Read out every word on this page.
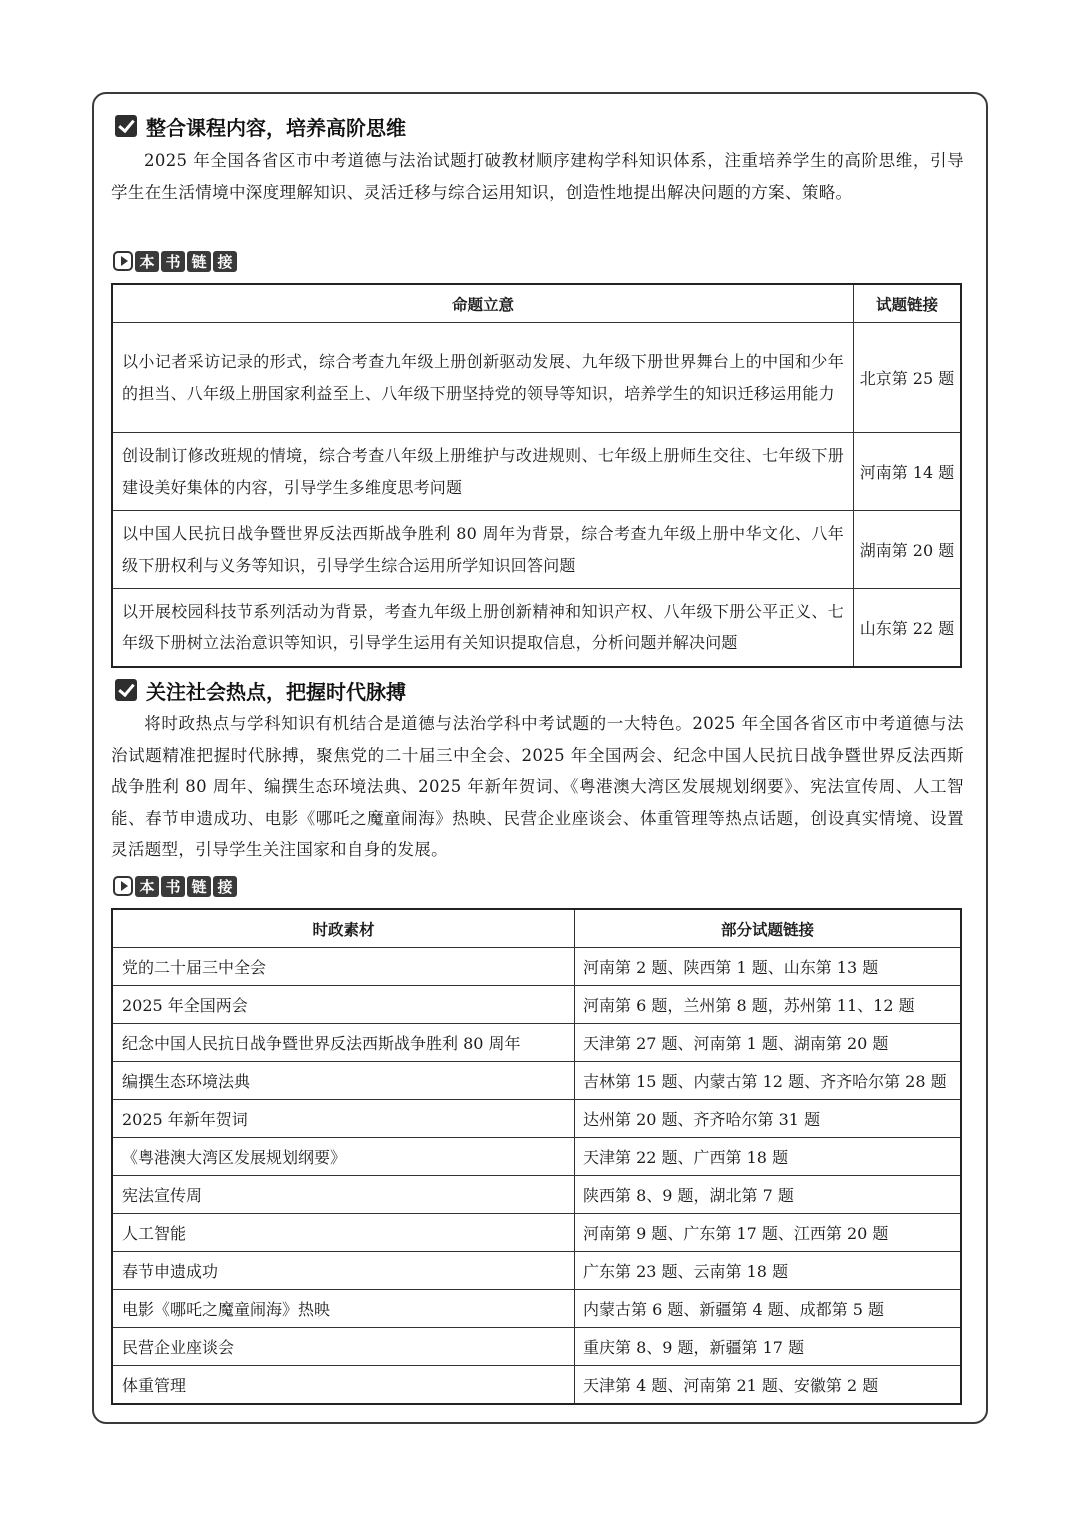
整合课程内容，培养高阶思维

2025 年全国各省区市中考道德与法治试题打破教材顺序建构学科知识体系，注重培养学生的高阶思维，引导学生在生活情境中深度理解知识、灵活迁移与综合运用知识，创造性地提出解决问题的方案、策略。

本 书 链 接
命题立意	试题链接
以小记者采访记录的形式，综合考查九年级上册创新驱动发展、九年级下册世界舞台上的中国和少年的担当、八年级上册国家利益至上、八年级下册坚持党的领导等知识，培养学生的知识迁移运用能力	北京第 25 题
创设制订修改班规的情境，综合考查八年级上册维护与改进规则、七年级上册师生交往、七年级下册建设美好集体的内容，引导学生多维度思考问题	河南第 14 题
以中国人民抗日战争暨世界反法西斯战争胜利 80 周年为背景，综合考查九年级上册中华文化、八年级下册权利与义务等知识，引导学生综合运用所学知识回答问题	湖南第 20 题
以开展校园科技节系列活动为背景，考查九年级上册创新精神和知识产权、八年级下册公平正义、七年级下册树立法治意识等知识，引导学生运用有关知识提取信息，分析问题并解决问题	山东第 22 题
关注社会热点，把握时代脉搏

将时政热点与学科知识有机结合是道德与法治学科中考试题的一大特色。2025 年全国各省区市中考道德与法治试题精准把握时代脉搏，聚焦党的二十届三中全会、2025 年全国两会、纪念中国人民抗日战争暨世界反法西斯战争胜利 80 周年、编撰生态环境法典、2025 年新年贺词、《粤港澳大湾区发展规划纲要》、宪法宣传周、人工智能、春节申遗成功、电影《哪吒之魔童闹海》热映、民营企业座谈会、体重管理等热点话题，创设真实情境、设置灵活题型，引导学生关注国家和自身的发展。

本 书 链 接
时政素材	部分试题链接
党的二十届三中全会	河南第 2 题、陕西第 1 题、山东第 13 题
2025 年全国两会	河南第 6 题，兰州第 8 题，苏州第 11、12 题
纪念中国人民抗日战争暨世界反法西斯战争胜利 80 周年	天津第 27 题、河南第 1 题、湖南第 20 题
编撰生态环境法典	吉林第 15 题、内蒙古第 12 题、齐齐哈尔第 28 题
2025 年新年贺词	达州第 20 题、齐齐哈尔第 31 题
《粤港澳大湾区发展规划纲要》	天津第 22 题、广西第 18 题
宪法宣传周	陕西第 8、9 题，湖北第 7 题
人工智能	河南第 9 题、广东第 17 题、江西第 20 题
春节申遗成功	广东第 23 题、云南第 18 题
电影《哪吒之魔童闹海》热映	内蒙古第 6 题、新疆第 4 题、成都第 5 题
民营企业座谈会	重庆第 8、9 题，新疆第 17 题
体重管理	天津第 4 题、河南第 21 题、安徽第 2 题
